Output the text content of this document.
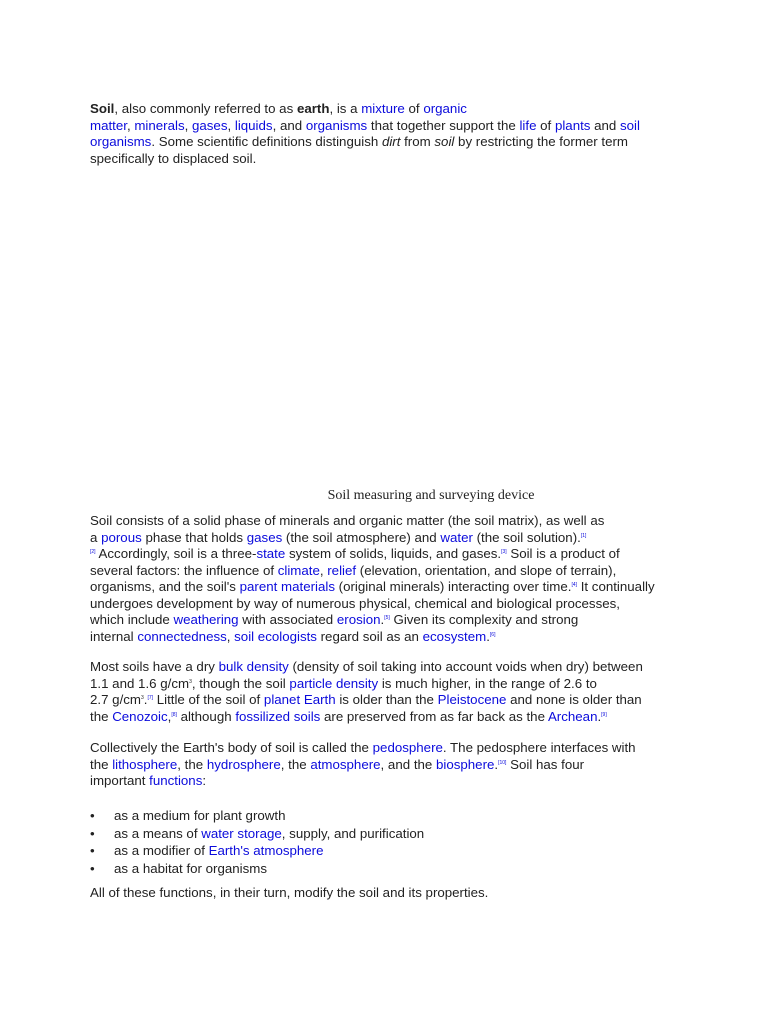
Soil, also commonly referred to as earth, is a mixture of organic
matter, minerals, gases, liquids, and organisms that together support the life of plants and soil
organisms. Some scientific definitions distinguish dirt from soil by restricting the former term
specifically to displaced soil.

Soil measuring and surveying device

Soil consists of a solid phase of minerals and organic matter (the soil matrix), as well as
a porous phase that holds gases (the soil atmosphere) and water (the soil solution).[1]
[2] Accordingly, soil is a three-state system of solids, liquids, and gases.[3] Soil is a product of
several factors: the influence of climate, relief (elevation, orientation, and slope of terrain),
organisms, and the soil's parent materials (original minerals) interacting over time.[4] It continually
undergoes development by way of numerous physical, chemical and biological processes,
which include weathering with associated erosion.[5] Given its complexity and strong
internal connectedness, soil ecologists regard soil as an ecosystem.[6]

Most soils have a dry bulk density (density of soil taking into account voids when dry) between
1.1 and 1.6 $g/cm^3$, though the soil particle density is much higher, in the range of 2.6 to
2.7 $g/cm^3.[7]$ Little of the soil of planet Earth is older than the Pleistocene and none is older than
the Cenozoic,[8] although fossilized soils are preserved from as far back as the Archean.[9]

Collectively the Earth's body of soil is called the pedosphere. The pedosphere interfaces with
the lithosphere, the hydrosphere, the atmosphere, and the biosphere.[10] Soil has four
important functions:

• as a medium for plant growth
• as a means of water storage, supply, and purification
• as a modifier of Earth's atmosphere
• as a habitat for organisms

All of these functions, in their turn, modify the soil and its properties.
